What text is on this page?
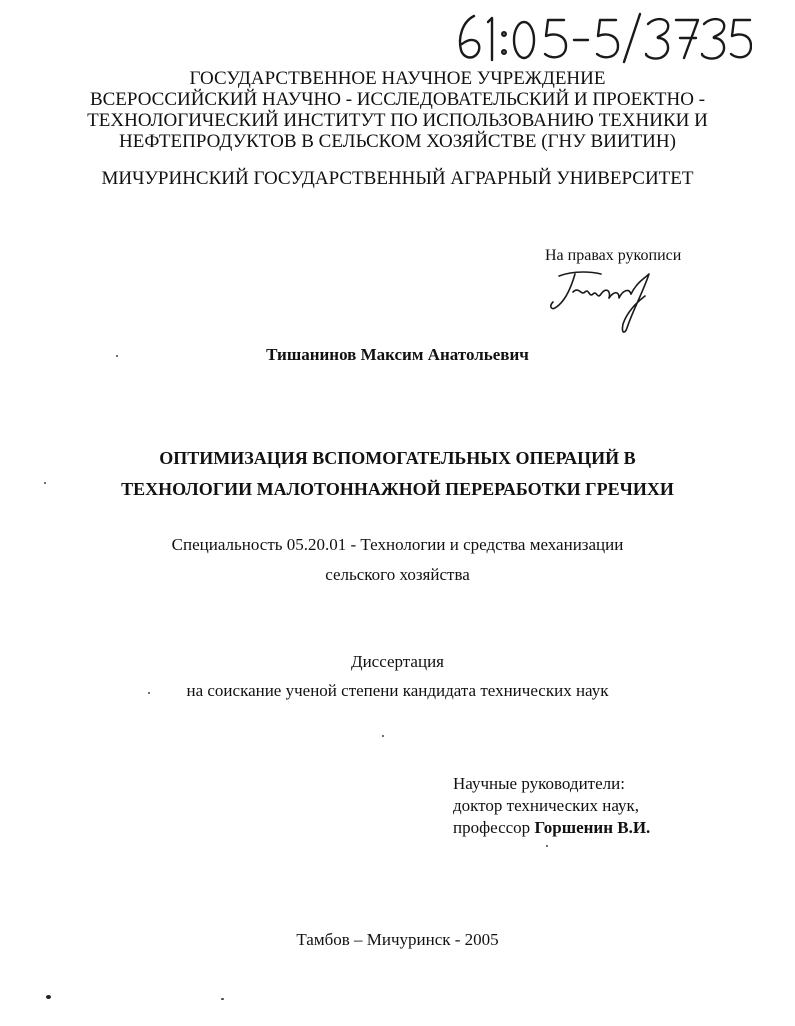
ГОСУДАРСТВЕННОЕ НАУЧНОЕ УЧРЕЖДЕНИЕ
ВСЕРОССИЙСКИЙ НАУЧНО - ИССЛЕДОВАТЕЛЬСКИЙ И ПРОЕКТНО -
ТЕХНОЛОГИЧЕСКИЙ ИНСТИТУТ ПО ИСПОЛЬЗОВАНИЮ ТЕХНИКИ И
НЕФТЕПРОДУКТОВ В СЕЛЬСКОМ ХОЗЯЙСТВЕ (ГНУ ВИИТИН)
МИЧУРИНСКИЙ ГОСУДАРСТВЕННЫЙ АГРАРНЫЙ УНИВЕРСИТЕТ
На правах рукописи
Тишанинов Максим Анатольевич
ОПТИМИЗАЦИЯ ВСПОМОГАТЕЛЬНЫХ ОПЕРАЦИЙ В
ТЕХНОЛОГИИ МАЛОТОННАЖНОЙ ПЕРЕРАБОТКИ ГРЕЧИХИ
Специальность 05.20.01 - Технологии и средства механизации
сельского хозяйства
Диссертация
на соискание ученой степени кандидата технических наук
Научные руководители:
доктор технических наук,
профессор Горшенин В.И.
Тамбов – Мичуринск - 2005
